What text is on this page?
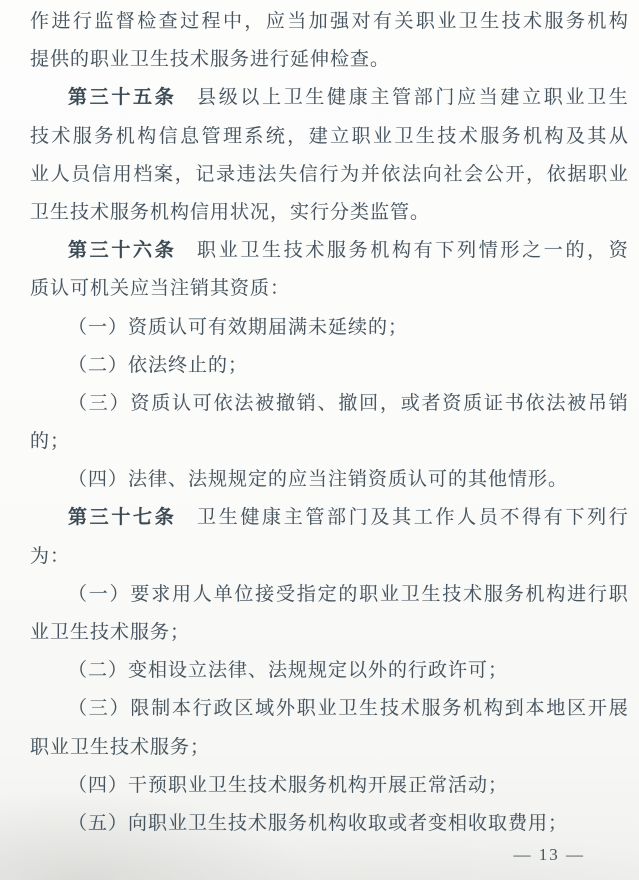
作 进 行 监 督 检 查 过 程 中 ， 应 当 加 强 对 有 关 职 业 卫 生 技 术 服 务 机 构
提供的职业卫生技术服务进行延伸检查。
第 三 十 五 条 县 级 以 上 卫 生 健 康 主 管 部 门 应 当 建 立 职 业 卫 生
技 术 服 务 机 构 信 息 管 理 系 统 ， 建 立 职 业 卫 生 技 术 服 务 机 构 及 其 从
业 人 员 信 用 档 案 ， 记 录 违 法 失 信 行 为 并 依 法 向 社 会 公 开 ， 依 据 职 业
卫生技术服务机构信用状况，实行分类监管。
第 三 十 六 条 职 业 卫 生 技 术 服 务 机 构 有 下 列 情 形 之 一 的 ， 资
质认可机关应当注销其资质：
（一）资质认可有效期届满未延续的；
（二）依法终止的；
（ 三 ） 资 质 认 可 依 法 被 撤 销 、 撤 回 ， 或 者 资 质 证 书 依 法 被 吊 销
的；
（四）法律、法规规定的应当注销资质认可的其他情形。
第 三 十 七 条 卫 生 健 康 主 管 部 门 及 其 工 作 人 员 不 得 有 下 列 行
为：
（ 一 ） 要 求 用 人 单 位 接 受 指 定 的 职 业 卫 生 技 术 服 务 机 构 进 行 职
业卫生技术服务；
（二）变相设立法律、法规规定以外的行政许可；
（ 三 ） 限 制 本 行 政 区 域 外 职 业 卫 生 技 术 服 务 机 构 到 本 地 区 开 展
职业卫生技术服务；
（四）干预职业卫生技术服务机构开展正常活动；
（五）向职业卫生技术服务机构收取或者变相收取费用；
— 13 —
